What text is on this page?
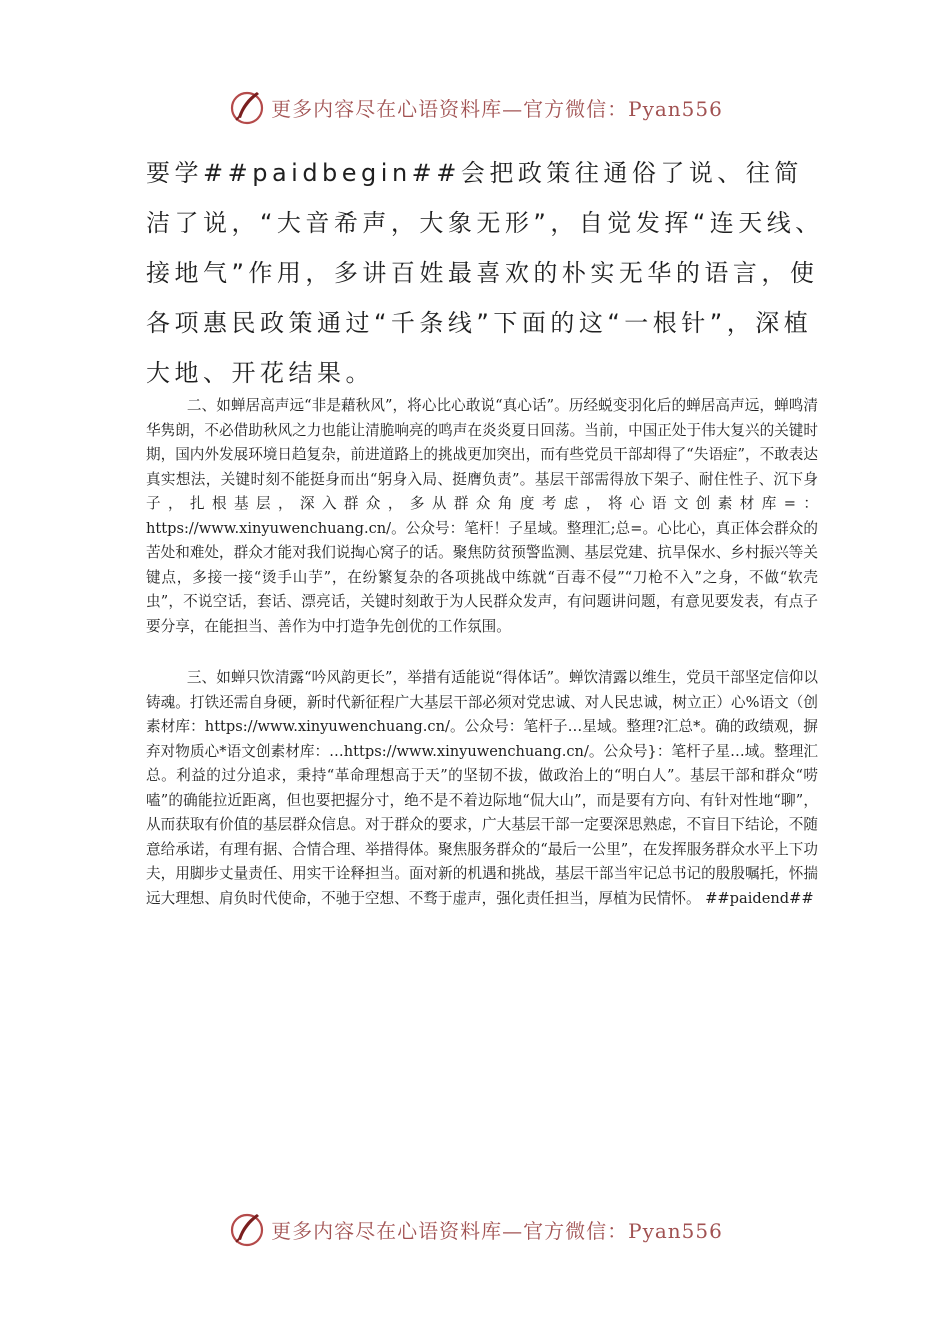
更多内容尽在心语资料库—官方微信：Pyan556

要学##paidbegin##会把政策往通俗了说、往简洁了说，“大音希声，大象无形”，自觉发挥“连天线、接地气”作用，多讲百姓最喜欢的朴实无华的语言，使各项惠民政策通过“千条线”下面的这“一根针”，深植大地、开花结果。

二、如蝉居高声远“非是藉秋风”，将心比心敢说“真心话”。历经蜕变羽化后的蝉居高声远，蝉鸣清华隽朗，不必借助秋风之力也能让清脆响亮的鸣声在炎炎夏日回荡。当前，中国正处于伟大复兴的关键时期，国内外发展环境日趋复杂，前进道路上的挑战更加突出，而有些党员干部却得了“失语症”，不敢表达真实想法，关键时刻不能挺身而出“躬身入局、挺膺负责”。基层干部需得放下架子、耐住性子、沉下身子，扎根基层，深入群众，多从群众角度考虑，将心语文创素材库=：https://www.xinyuwenchuang.cn/。公众号：笔杆！子星域。整理汇;总=。心比心，真正体会群众的苦处和难处，群众才能对我们说掏心窝子的话。聚焦防贫预警监测、基层党建、抗旱保水、乡村振兴等关键点，多接一接“烫手山芋”，在纷繁复杂的各项挑战中练就“百毒不侵”“刀枪不入”之身，不做“软壳虫”，不说空话，套话、漂亮话，关键时刻敢于为人民群众发声，有问题讲问题，有意见要发表，有点子要分享，在能担当、善作为中打造争先创优的工作氛围。

三、如蝉只饮清露“吟风韵更长”，举措有适能说“得体话”。蝉饮清露以维生，党员干部坚定信仰以铸魂。打铁还需自身硬，新时代新征程广大基层干部必须对党忠诚、对人民忠诚，树立正）心%语文（创素材库：https://www.xinyuwenchuang.cn/。公众号：笔杆子…星域。整理?汇总*。确的政绩观，摒弃对物质心*语文创素材库：…https://www.xinyuwenchuang.cn/。公众号}：笔杆子星…域。整理汇总。利益的过分追求，秉持“革命理想高于天”的坚韧不拔，做政治上的“明白人”。基层干部和群众“唠嗑”的确能拉近距离，但也要把握分寸，绝不是不着边际地“侃大山”，而是要有方向、有针对性地“聊”，从而获取有价值的基层群众信息。对于群众的要求，广大基层干部一定要深思熟虑，不盲目下结论，不随意给承诺，有理有据、合情合理、举措得体。聚焦服务群众的“最后一公里”，在发挥服务群众水平上下功夫，用脚步丈量责任、用实干诠释担当。面对新的机遇和挑战，基层干部当牢记总书记的殷殷嘱托，怀揣远大理想、肩负时代使命，不驰于空想、不骛于虚声，强化责任担当，厚植为民情怀。 ##paidend##

更多内容尽在心语资料库—官方微信：Pyan556
